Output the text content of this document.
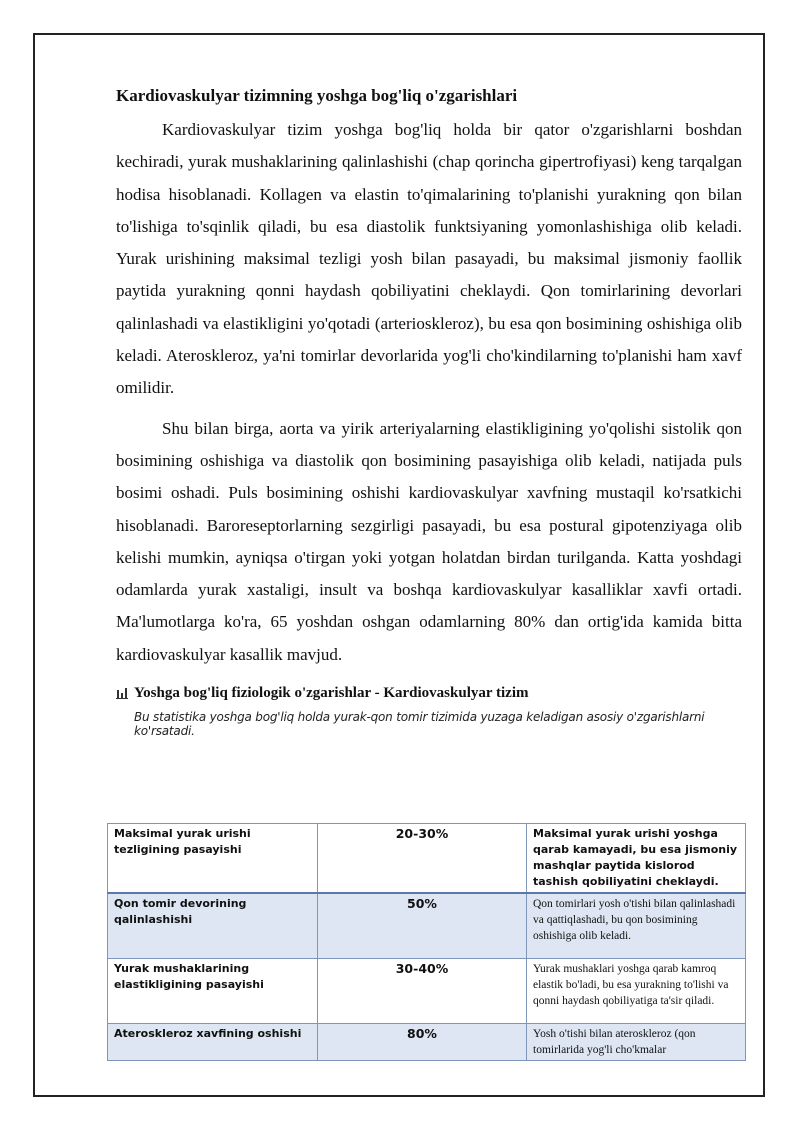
Kardiovaskulyar tizimning yoshga bog'liq o'zgarishlari

Kardiovaskulyar tizim yoshga bog'liq holda bir qator o'zgarishlarni boshdan kechiradi, yurak mushaklarining qalinlashishi (chap qorincha gipertrofiyasi) keng tarqalgan hodisa hisoblanadi. Kollagen va elastin to'qimalarining to'planishi yurakning qon bilan to'lishiga to'sqinlik qiladi, bu esa diastolik funktsiyaning yomonlashishiga olib keladi. Yurak urishining maksimal tezligi yosh bilan pasayadi, bu maksimal jismoniy faollik paytida yurakning qonni haydash qobiliyatini cheklaydi. Qon tomirlarining devorlari qalinlashadi va elastikligini yo'qotadi (arterioskleroz), bu esa qon bosimining oshishiga olib keladi. Ateroskleroz, ya'ni tomirlar devorlarida yog'li cho'kindilarning to'planishi ham xavf omilidir.

Shu bilan birga, aorta va yirik arteriyalarning elastikligining yo'qolishi sistolik qon bosimining oshishiga va diastolik qon bosimining pasayishiga olib keladi, natijada puls bosimi oshadi. Puls bosimining oshishi kardiovaskulyar xavfning mustaqil ko'rsatkichi hisoblanadi. Baroreseptorlarning sezgirligi pasayadi, bu esa postural gipotenziyaga olib kelishi mumkin, ayniqsa o'tirgan yoki yotgan holatdan birdan turilganda. Katta yoshdagi odamlarda yurak xastaligi, insult va boshqa kardiovaskulyar kasalliklar xavfi ortadi. Ma'lumotlarga ko'ra, 65 yoshdan oshgan odamlarning 80% dan ortig'ida kamida bitta kardiovaskulyar kasallik mavjud.

Yoshga bog'liq fiziologik o'zgarishlar - Kardiovaskulyar tizim
Bu statistika yoshga bog'liq holda yurak-qon tomir tizimida yuzaga keladigan asosiy o'zgarishlarni ko'rsatadi.
Maksimal yurak urishi tezligining pasayishi	20-30%	Maksimal yurak urishi yoshga qarab kamayadi, bu esa jismoniy mashqlar paytida kislorod tashish qobiliyatini cheklaydi.
Qon tomir devorining qalinlashishi	50%	Qon tomirlari yosh o'tishi bilan qalinlashadi va qattiqlashadi, bu qon bosimining oshishiga olib keladi.
Yurak mushaklarining elastikligining pasayishi	30-40%	Yurak mushaklari yoshga qarab kamroq elastik bo'ladi, bu esa yurakning to'lishi va qonni haydash qobiliyatiga ta'sir qiladi.
Ateroskleroz xavfining oshishi	80%	Yosh o'tishi bilan ateroskleroz (qon tomirlarida yog'li cho'kmalar
